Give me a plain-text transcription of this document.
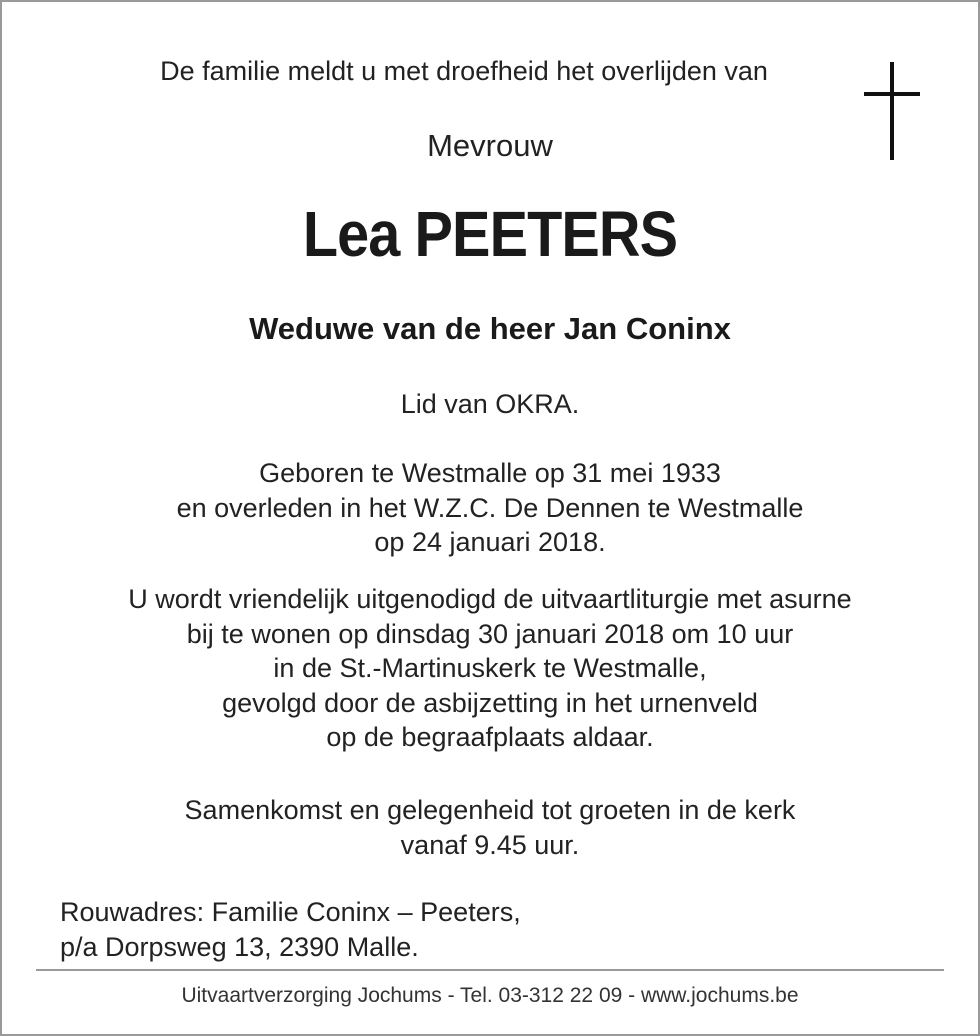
De familie meldt u met droefheid het overlijden van
Mevrouw
Lea PEETERS
Weduwe van de heer Jan Coninx
Lid van OKRA.
Geboren te Westmalle op 31 mei 1933
en overleden in het W.Z.C. De Dennen te Westmalle
op 24 januari 2018.
U wordt vriendelijk uitgenodigd de uitvaartliturgie met asurne
bij te wonen op dinsdag 30 januari 2018 om 10 uur
in de St.-Martinuskerk te Westmalle,
gevolgd door de asbijzetting in het urnenveld
op de begraafplaats aldaar.
Samenkomst en gelegenheid tot groeten in de kerk
vanaf 9.45 uur.
Rouwadres: Familie Coninx – Peeters,
p/a Dorpsweg 13, 2390 Malle.
Uitvaartverzorging Jochums - Tel. 03-312 22 09 - www.jochums.be
